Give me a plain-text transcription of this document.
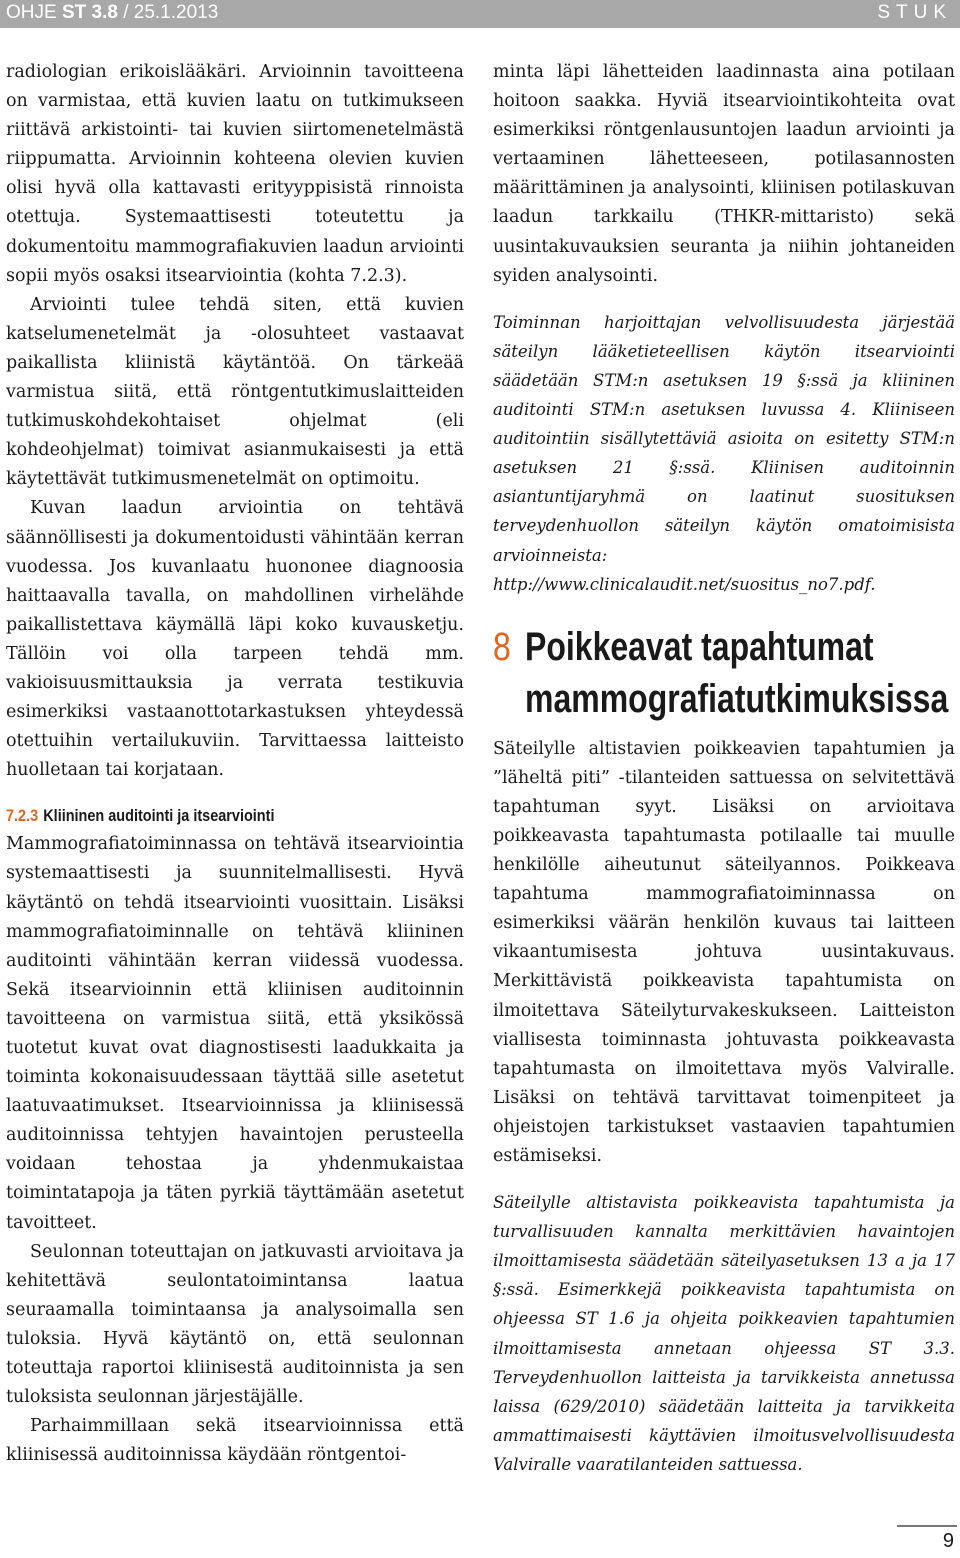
OHJE ST 3.8 / 25.1.2013	STUK

radiologian erikoislääkäri. Arvioinnin tavoitteena on varmistaa, että kuvien laatu on tutkimukseen riittävä arkistointi- tai kuvien siirtomenetelmästä riippumatta. Arvioinnin kohteena olevien kuvien olisi hyvä olla kattavasti erityyppisistä rinnoista otettuja. Systemaattisesti toteutettu ja dokumentoitu mammografiakuvien laadun arviointi sopii myös osaksi itsearviointia (kohta 7.2.3).

Arviointi tulee tehdä siten, että kuvien katselumenetelmät ja -olosuhteet vastaavat paikallista kliinistä käytäntöä. On tärkeää varmistua siitä, että röntgentutkimuslaitteiden tutkimuskohdekohtaiset ohjelmat (eli kohdeohjelmat) toimivat asianmukaisesti ja että käytettävät tutkimusmenetelmät on optimoitu.

Kuvan laadun arviointia on tehtävä säännöllisesti ja dokumentoidusti vähintään kerran vuodessa. Jos kuvanlaatu huononee diagnoosia haittaavalla tavalla, on mahdollinen virhelähde paikallistettava käymällä läpi koko kuvausketju. Tällöin voi olla tarpeen tehdä mm. vakioisuusmittauksia ja verrata testikuvia esimerkiksi vastaanottotarkastuksen yhteydessä otettuihin vertailukuviin. Tarvittaessa laitteisto huolletaan tai korjataan.

7.2.3 Kliininen auditointi ja itsearviointi

Mammografiatoiminnassa on tehtävä itsearviointia systemaattisesti ja suunnitelmallisesti. Hyvä käytäntö on tehdä itsearviointi vuosittain. Lisäksi mammografiatoiminnalle on tehtävä kliininen auditointi vähintään kerran viidessä vuodessa. Sekä itsearvioinnin että kliinisen auditoinnin tavoitteena on varmistua siitä, että yksikössä tuotetut kuvat ovat diagnostisesti laadukkaita ja toiminta kokonaisuudessaan täyttää sille asetetut laatuvaatimukset. Itsearvioinnissa ja kliinisessä auditoinnissa tehtyjen havaintojen perusteella voidaan tehostaa ja yhdenmukaistaa toimintatapoja ja täten pyrkiä täyttämään asetetut tavoitteet.

Seulonnan toteuttajan on jatkuvasti arvioitava ja kehitettävä seulontatoimintansa laatua seuraamalla toimintaansa ja analysoimalla sen tuloksia. Hyvä käytäntö on, että seulonnan toteuttaja raportoi kliinisestä auditoinnista ja sen tuloksista seulonnan järjestäjälle.

Parhaimmillaan sekä itsearvioinnissa että kliinisessä auditoinnissa käydään röntgentoi-

minta läpi lähetteiden laadinnasta aina potilaan hoitoon saakka. Hyviä itsearviointikohteita ovat esimerkiksi röntgenlausuntojen laadun arviointi ja vertaaminen lähetteeseen, potilasannosten määrittäminen ja analysointi, kliinisen potilaskuvan laadun tarkkailu (THKR-mittaristo) sekä uusintakuvauksien seuranta ja niihin johtaneiden syiden analysointi.

Toiminnan harjoittajan velvollisuudesta järjestää säteilyn lääketieteellisen käytön itsearviointi säädetään STM:n asetuksen 19 §:ssä ja kliininen auditointi STM:n asetuksen luvussa 4. Kliiniseen auditointiin sisällytettäviä asioita on esitetty STM:n asetuksen 21 §:ssä. Kliinisen auditoinnin asiantuntijaryhmä on laatinut suosituksen terveydenhuollon säteilyn käytön omatoimisista arvioinneista: http://www.clinicalaudit.net/suositus_no7.pdf.

8 Poikkeavat tapahtumat mammografiatutkimuksissa

Säteilylle altistavien poikkeavien tapahtumien ja ”läheltä piti” -tilanteiden sattuessa on selvitettävä tapahtuman syyt. Lisäksi on arvioitava poikkeavasta tapahtumasta potilaalle tai muulle henkilölle aiheutunut säteilyannos. Poikkeava tapahtuma mammografiatoiminnassa on esimerkiksi väärän henkilön kuvaus tai laitteen vikaantumisesta johtuva uusintakuvaus. Merkittävistä poikkeavista tapahtumista on ilmoitettava Säteilyturvakeskukseen. Laitteiston viallisesta toiminnasta johtuvasta poikkeavasta tapahtumasta on ilmoitettava myös Valviralle. Lisäksi on tehtävä tarvittavat toimenpiteet ja ohjeistojen tarkistukset vastaavien tapahtumien estämiseksi.

Säteilylle altistavista poikkeavista tapahtumista ja turvallisuuden kannalta merkittävien havaintojen ilmoittamisesta säädetään säteilyasetuksen 13 a ja 17 §:ssä. Esimerkkejä poikkeavista tapahtumista on ohjeessa ST 1.6 ja ohjeita poikkeavien tapahtumien ilmoittamisesta annetaan ohjeessa ST 3.3. Terveydenhuollon laitteista ja tarvikkeista annetussa laissa (629/2010) säädetään laitteita ja tarvikkeita ammattimaisesti käyttävien ilmoitusvelvollisuudesta Valviralle vaaratilanteiden sattuessa.

9
